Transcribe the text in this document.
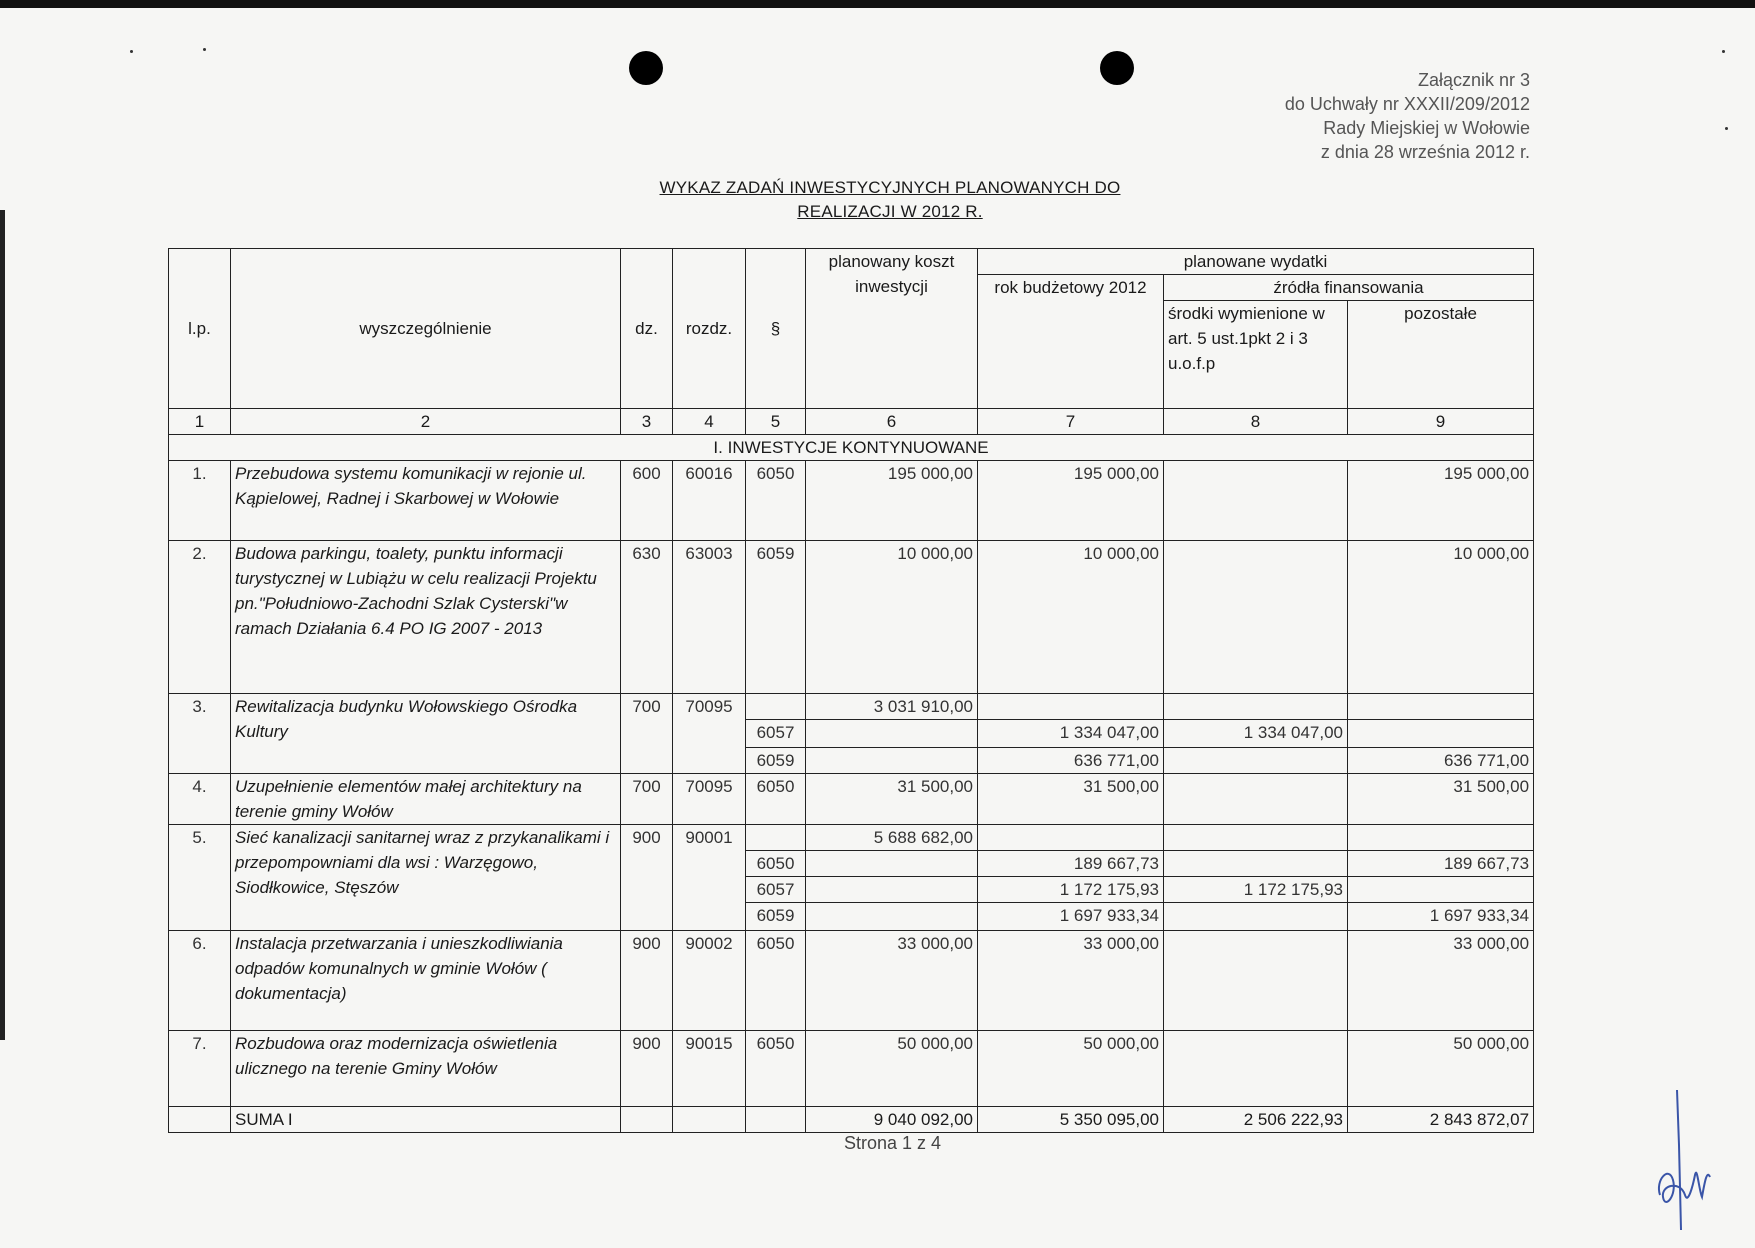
Załącznik nr 3
do Uchwały nr XXXII/209/2012
Rady Miejskiej w Wołowie
z dnia 28 września 2012 r.
WYKAZ ZADAŃ INWESTYCYJNYCH PLANOWANYCH DO
REALIZACJI W 2012 R.
l.p.	wyszczególnienie	dz.	rozdz.	§	planowany koszt inwestycji	planowane wydatki		
						rok budżetowy 2012	źródła finansowania	
							środki wymienione w art. 5 ust.1pkt 2 i 3 u.o.f.p	pozostałe
1	2	3	4	5	6	7	8	9
I. INWESTYCJE KONTYNUOWANE								
1.	Przebudowa systemu komunikacji w rejonie ul. Kąpielowej, Radnej i Skarbowej w Wołowie	600	60016	6050	195 000,00	195 000,00		195 000,00
2.	Budowa parkingu, toalety, punktu informacji turystycznej w Lubiążu w celu realizacji Projektu pn."Południowo-Zachodni Szlak Cysterski"w ramach Działania 6.4 PO IG 2007 - 2013	630	63003	6059	10 000,00	10 000,00		10 000,00
3.	Rewitalizacja budynku Wołowskiego Ośrodka Kultury	700	70095		3 031 910,00			
				6057		1 334 047,00	1 334 047,00	
				6059		636 771,00		636 771,00
4.	Uzupełnienie elementów małej architektury na terenie gminy Wołów	700	70095	6050	31 500,00	31 500,00		31 500,00
5.	Sieć kanalizacji sanitarnej wraz z przykanalikami i przepompowniami dla wsi : Warzęgowo, Siodłkowice, Stęszów	900	90001		5 688 682,00			
				6050		189 667,73		189 667,73
				6057		1 172 175,93	1 172 175,93	
				6059		1 697 933,34		1 697 933,34
6.	Instalacja przetwarzania i unieszkodliwiania odpadów komunalnych w gminie Wołów ( dokumentacja)	900	90002	6050	33 000,00	33 000,00		33 000,00
7.	Rozbudowa oraz modernizacja oświetlenia ulicznego na terenie Gminy Wołów	900	90015	6050	50 000,00	50 000,00		50 000,00
	SUMA I				9 040 092,00	5 350 095,00	2 506 222,93	2 843 872,07
Strona 1 z 4
